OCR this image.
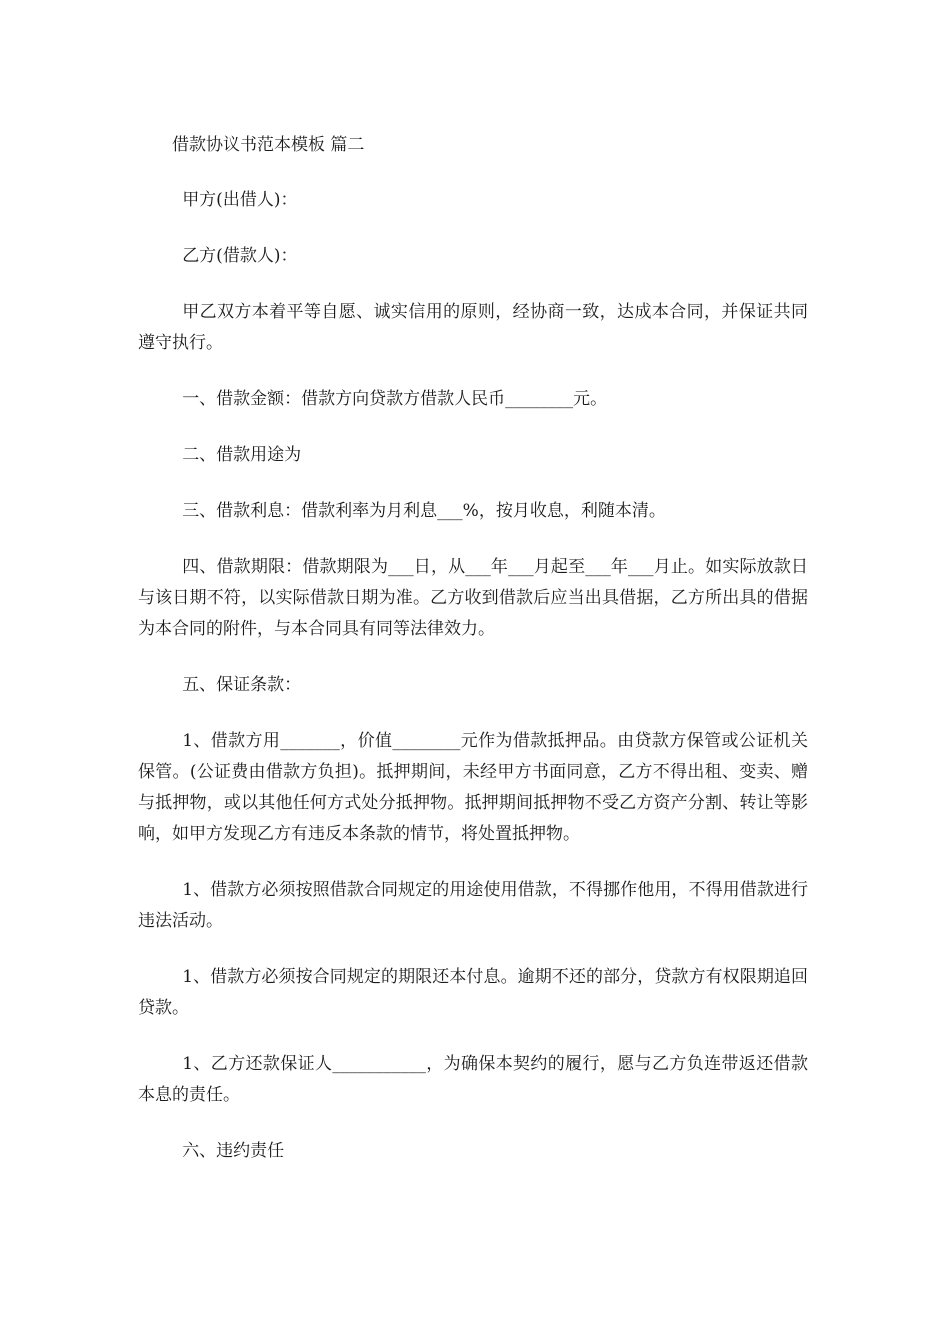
借款协议书范本模板 篇二

甲方(出借人)：

乙方(借款人)：

甲乙双方本着平等自愿、诚实信用的原则，经协商一致，达成本合同，并保证共同遵守执行。

一、借款金额：借款方向贷款方借款人民币________元。

二、借款用途为

三、借款利息：借款利率为月利息___%，按月收息，利随本清。

四、借款期限：借款期限为___日，从___年___月起至___年___月止。如实际放款日与该日期不符，以实际借款日期为准。乙方收到借款后应当出具借据，乙方所出具的借据为本合同的附件，与本合同具有同等法律效力。

五、保证条款：

1、借款方用_______，价值________元作为借款抵押品。由贷款方保管或公证机关保管。(公证费由借款方负担)。抵押期间，未经甲方书面同意，乙方不得出租、变卖、赠与抵押物，或以其他任何方式处分抵押物。抵押期间抵押物不受乙方资产分割、转让等影响，如甲方发现乙方有违反本条款的情节，将处置抵押物。

1、借款方必须按照借款合同规定的用途使用借款，不得挪作他用，不得用借款进行违法活动。

1、借款方必须按合同规定的期限还本付息。逾期不还的部分，贷款方有权限期追回贷款。

1、乙方还款保证人___________，为确保本契约的履行，愿与乙方负连带返还借款本息的责任。

六、违约责任
